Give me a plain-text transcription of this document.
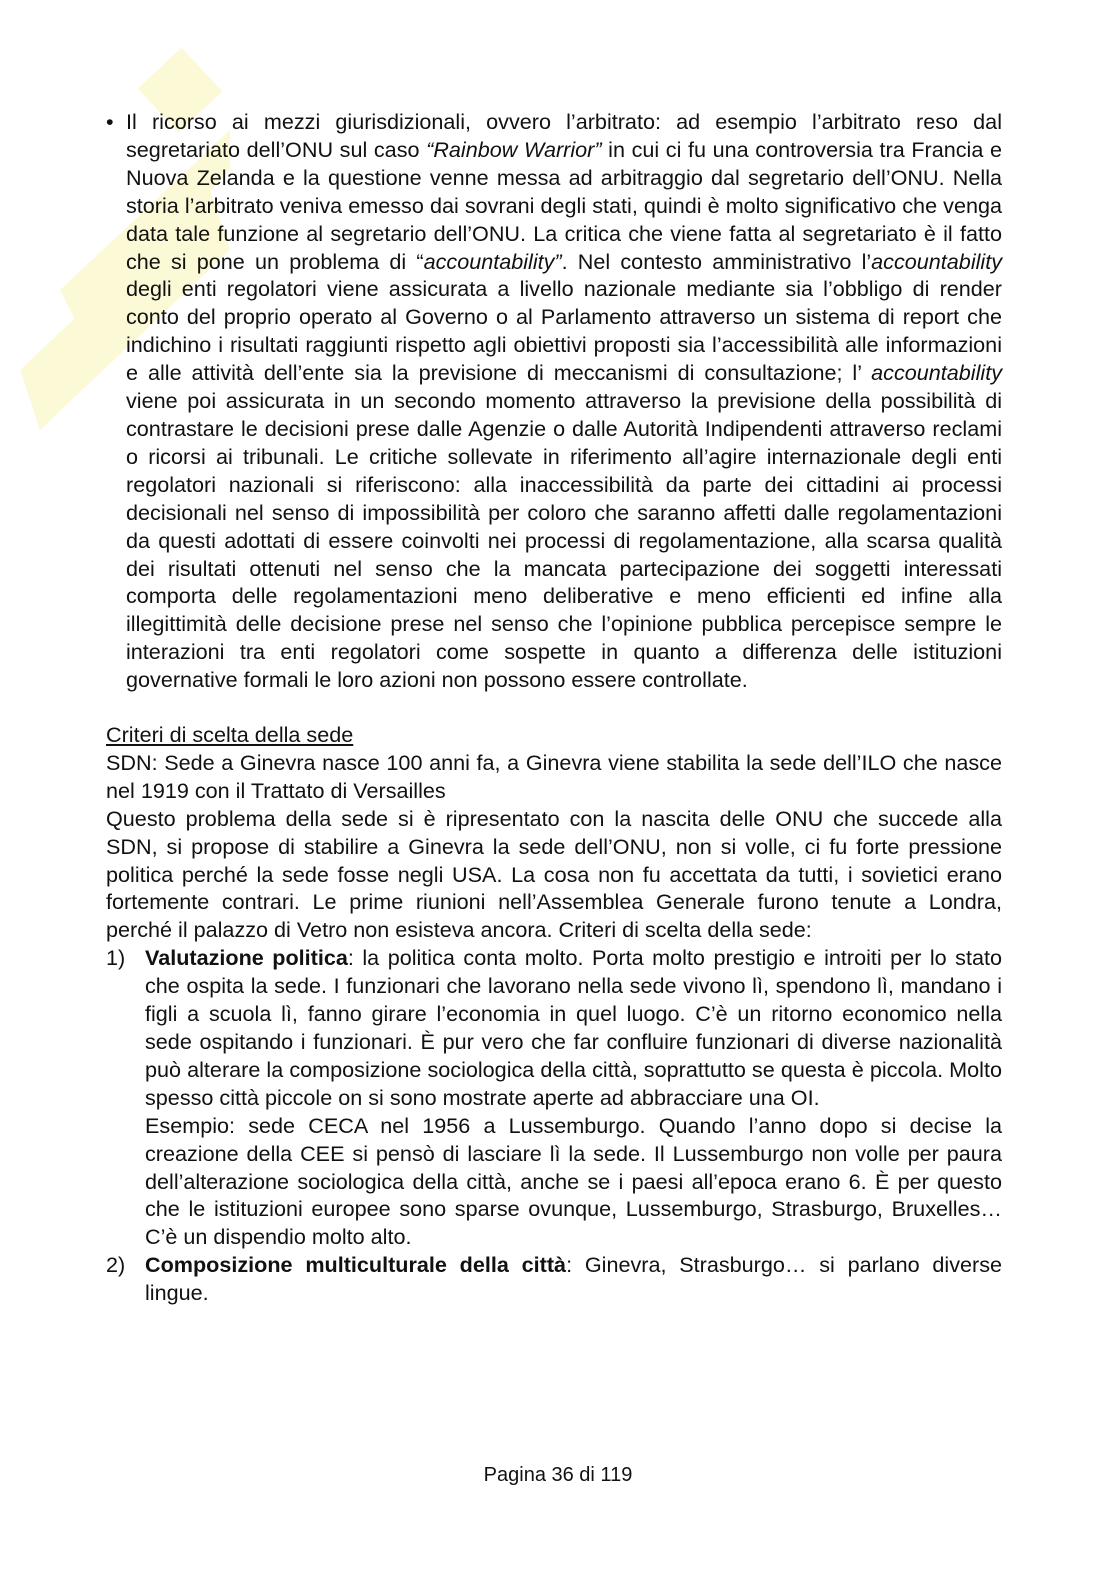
• Il ricorso ai mezzi giurisdizionali, ovvero l’arbitrato: ad esempio l’arbitrato reso dal segretariato dell’ONU sul caso “Rainbow Warrior” in cui ci fu una controversia tra Francia e Nuova Zelanda e la questione venne messa ad arbitraggio dal segretario dell’ONU. Nella storia l’arbitrato veniva emesso dai sovrani degli stati, quindi è molto significativo che venga data tale funzione al segretario dell’ONU. La critica che viene fatta al segretariato è il fatto che si pone un problema di “accountability”. Nel contesto amministrativo l’accountability degli enti regolatori viene assicurata a livello nazionale mediante sia l’obbligo di render conto del proprio operato al Governo o al Parlamento attraverso un sistema di report che indichino i risultati raggiunti rispetto agli obiettivi proposti sia l’accessibilità alle informazioni e alle attività dell’ente sia la previsione di meccanismi di consultazione; l’ accountability viene poi assicurata in un secondo momento attraverso la previsione della possibilità di contrastare le decisioni prese dalle Agenzie o dalle Autorità Indipendenti attraverso reclami o ricorsi ai tribunali. Le critiche sollevate in riferimento all’agire internazionale degli enti regolatori nazionali si riferiscono: alla inaccessibilità da parte dei cittadini ai processi decisionali nel senso di impossibilità per coloro che saranno affetti dalle regolamentazioni da questi adottati di essere coinvolti nei processi di regolamentazione, alla scarsa qualità dei risultati ottenuti nel senso che la mancata partecipazione dei soggetti interessati comporta delle regolamentazioni meno deliberative e meno efficienti ed infine alla illegittimità delle decisione prese nel senso che l’opinione pubblica percepisce sempre le interazioni tra enti regolatori come sospette in quanto a differenza delle istituzioni governative formali le loro azioni non possono essere controllate.

Criteri di scelta della sede

SDN: Sede a Ginevra nasce 100 anni fa, a Ginevra viene stabilita la sede dell’ILO che nasce nel 1919 con il Trattato di Versailles

Questo problema della sede si è ripresentato con la nascita delle ONU che succede alla SDN, si propose di stabilire a Ginevra la sede dell’ONU, non si volle, ci fu forte pressione politica perché la sede fosse negli USA. La cosa non fu accettata da tutti, i sovietici erano fortemente contrari. Le prime riunioni nell’Assemblea Generale furono tenute a Londra, perché il palazzo di Vetro non esisteva ancora. Criteri di scelta della sede:

1) Valutazione politica: la politica conta molto. Porta molto prestigio e introiti per lo stato che ospita la sede. I funzionari che lavorano nella sede vivono lì, spendono lì, mandano i figli a scuola lì, fanno girare l’economia in quel luogo. C’è un ritorno economico nella sede ospitando i funzionari. È pur vero che far confluire funzionari di diverse nazionalità può alterare la composizione sociologica della città, soprattutto se questa è piccola. Molto spesso città piccole on si sono mostrate aperte ad abbracciare una OI.

Esempio: sede CECA nel 1956 a Lussemburgo. Quando l’anno dopo si decise la creazione della CEE si pensò di lasciare lì la sede. Il Lussemburgo non volle per paura dell’alterazione sociologica della città, anche se i paesi all’epoca erano 6. È per questo che le istituzioni europee sono sparse ovunque, Lussemburgo, Strasburgo, Bruxelles… C’è un dispendio molto alto.

2) Composizione multiculturale della città: Ginevra, Strasburgo… si parlano diverse lingue.

Pagina 36 di 119
